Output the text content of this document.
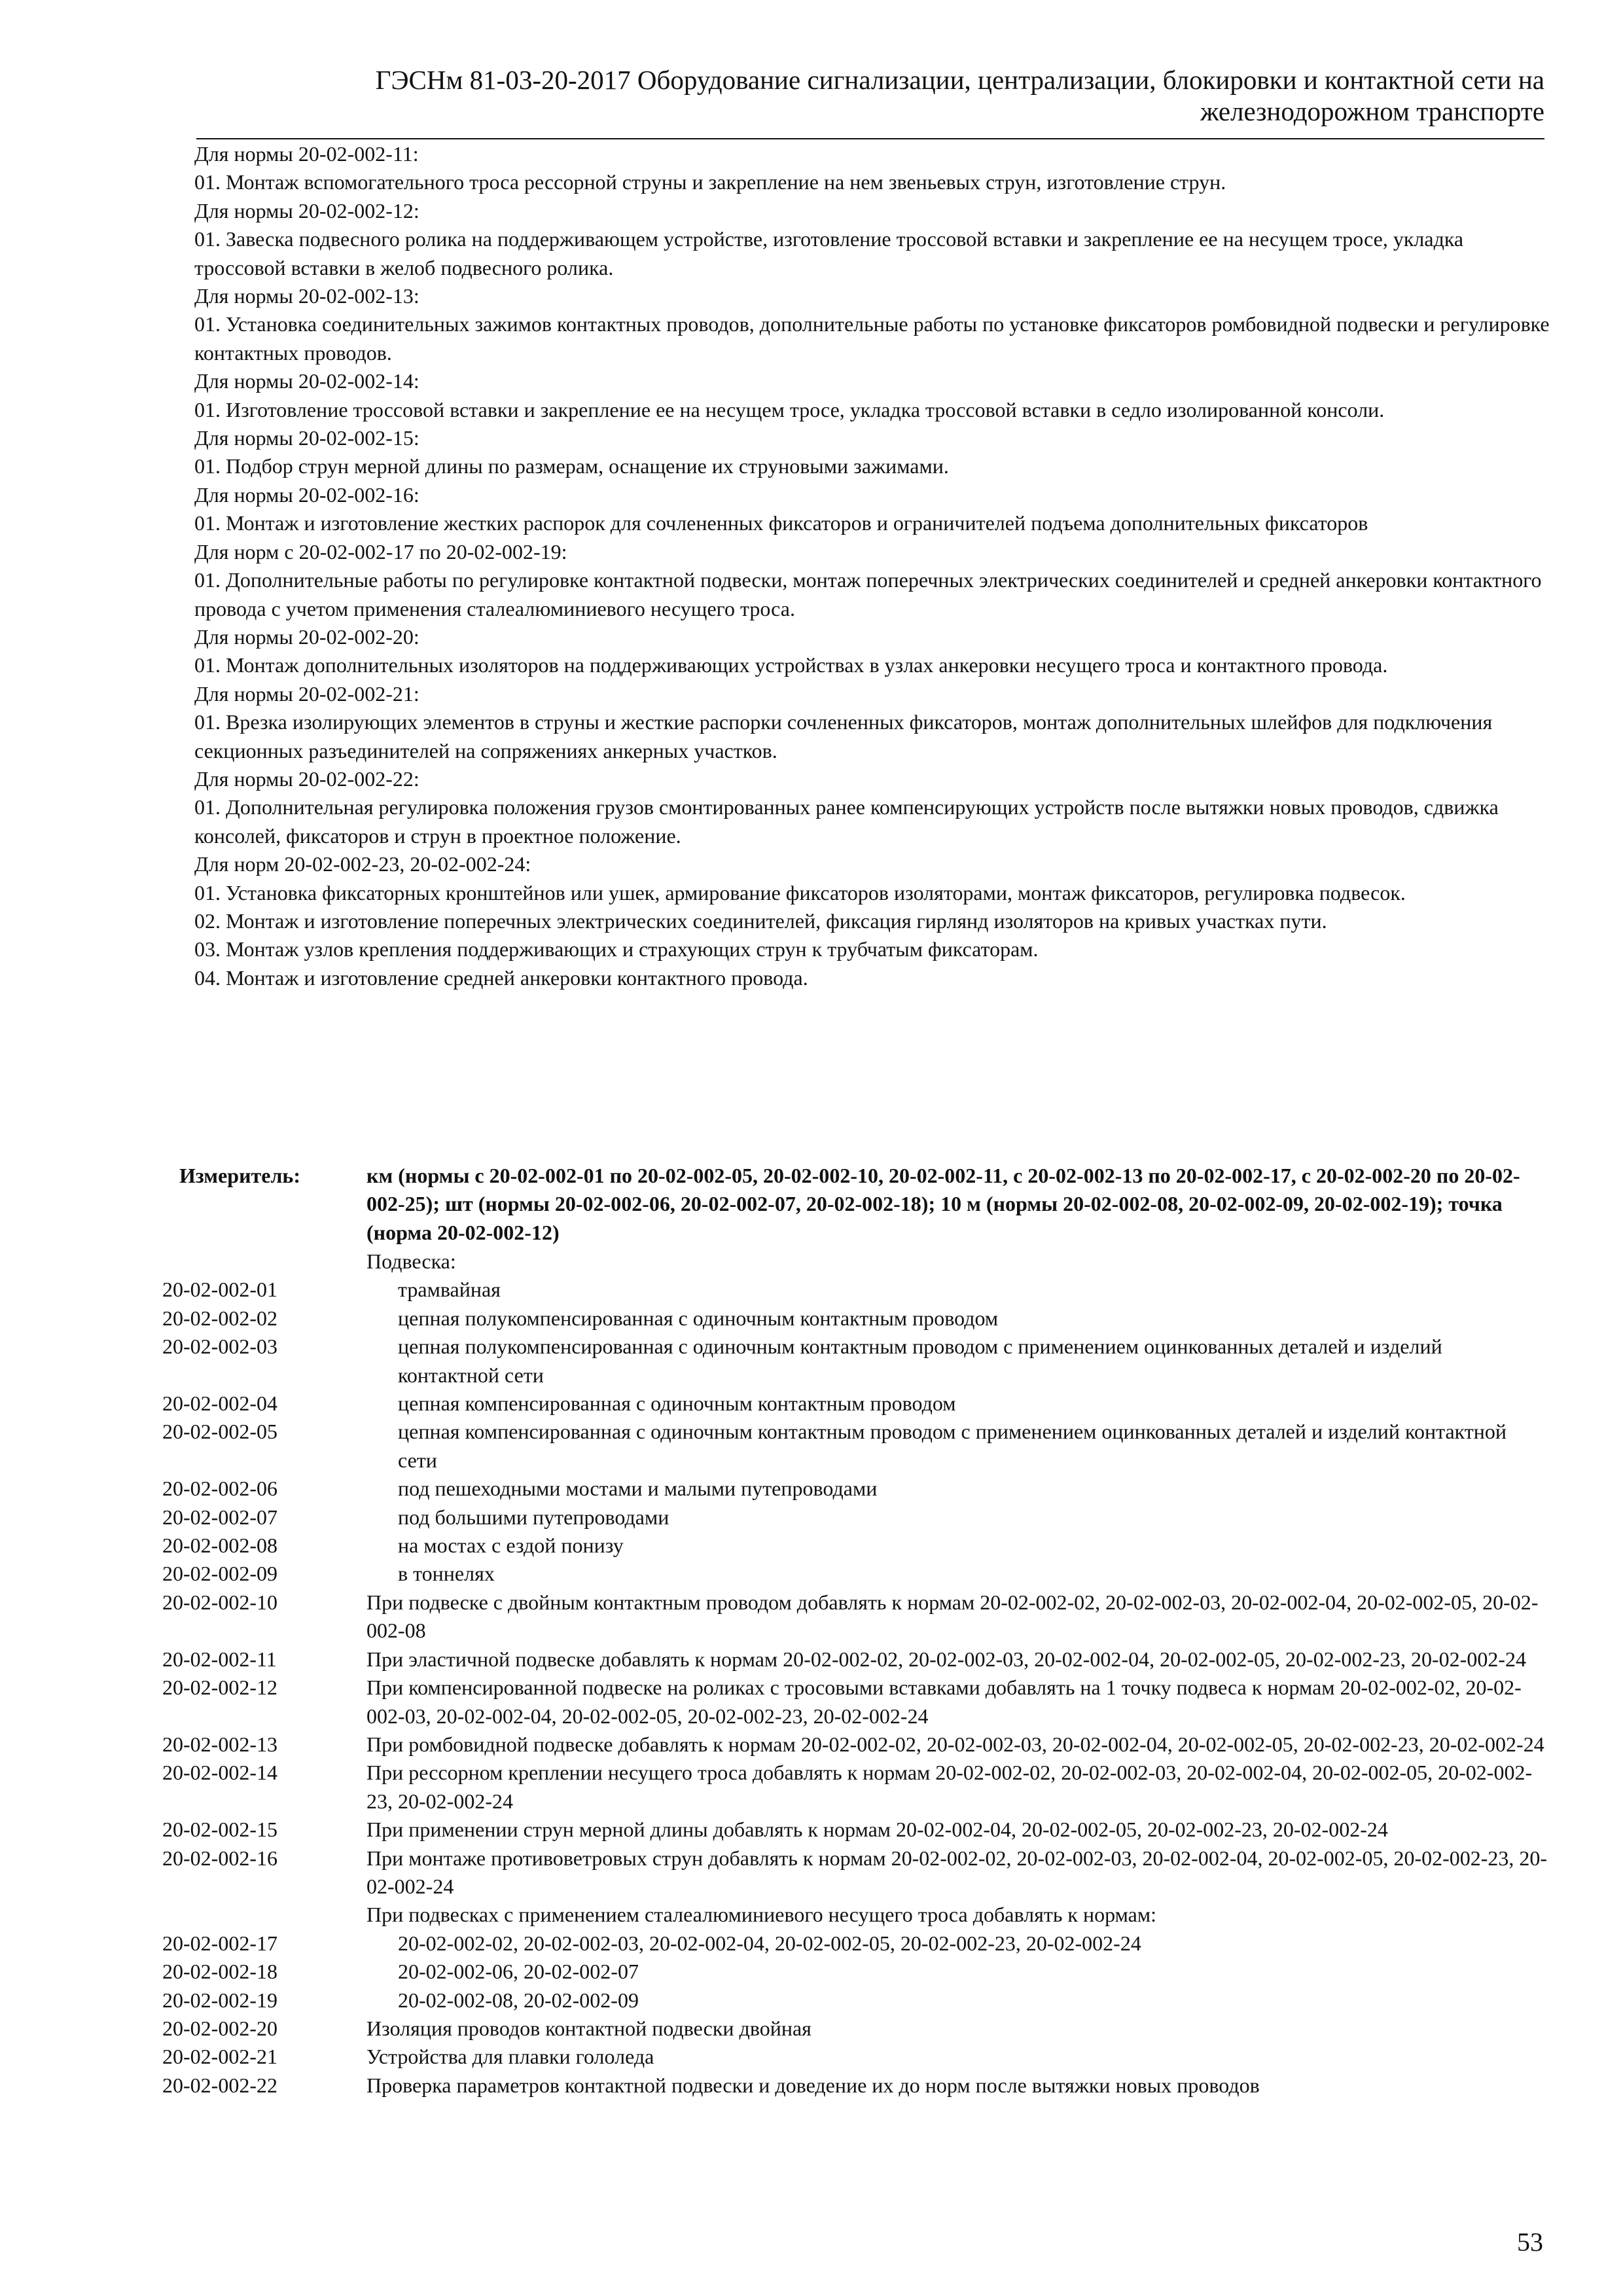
ГЭСНм 81-03-20-2017 Оборудование сигнализации, централизации, блокировки и контактной сети на
железнодорожном транспорте

Для нормы 20-02-002-11:

01. Монтаж вспомогательного троса рессорной струны и закрепление на нем звеньевых струн, изготовление струн.

Для нормы 20-02-002-12:

01. Завеска подвесного ролика на поддерживающем устройстве, изготовление троссовой вставки и закрепление ее на несущем тросе, укладка троссовой вставки в желоб подвесного ролика.

Для нормы 20-02-002-13:

01. Установка соединительных зажимов контактных проводов, дополнительные работы по установке фиксаторов ромбовидной подвески и регулировке контактных проводов.

Для нормы 20-02-002-14:

01. Изготовление троссовой вставки и закрепление ее на несущем тросе, укладка троссовой вставки в седло изолированной консоли.

Для нормы 20-02-002-15:

01. Подбор струн мерной длины по размерам, оснащение их струновыми зажимами.

Для нормы 20-02-002-16:

01. Монтаж и изготовление жестких распорок для сочлененных фиксаторов и ограничителей подъема дополнительных фиксаторов

Для норм с 20-02-002-17 по 20-02-002-19:

01. Дополнительные работы по регулировке контактной подвески, монтаж поперечных электрических соединителей и средней анкеровки контактного провода с учетом применения сталеалюминиевого несущего троса.

Для нормы 20-02-002-20:

01. Монтаж дополнительных изоляторов на поддерживающих устройствах в узлах анкеровки несущего троса и контактного провода.

Для нормы 20-02-002-21:

01. Врезка изолирующих элементов в струны и жесткие распорки сочлененных фиксаторов, монтаж дополнительных шлейфов для подключения секционных разъединителей на сопряжениях анкерных участков.

Для нормы 20-02-002-22:

01. Дополнительная регулировка положения грузов смонтированных ранее компенсирующих устройств после вытяжки новых проводов, сдвижка консолей, фиксаторов и струн в проектное положение.

Для норм 20-02-002-23, 20-02-002-24:

01. Установка фиксаторных кронштейнов или ушек, армирование фиксаторов изоляторами, монтаж фиксаторов, регулировка подвесок.

02. Монтаж и изготовление поперечных электрических соединителей, фиксация гирлянд изоляторов на кривых участках пути.

03. Монтаж узлов крепления поддерживающих и страхующих струн к трубчатым фиксаторам.

04. Монтаж и изготовление средней анкеровки контактного провода.

Измеритель:	км (нормы с 20-02-002-01 по 20-02-002-05, 20-02-002-10, 20-02-002-11, с 20-02-002-13 по 20-02-002-17, с 20-02-002-20 по 20-02-002-25); шт (нормы 20-02-002-06, 20-02-002-07, 20-02-002-18); 10 м (нормы 20-02-002-08, 20-02-002-09, 20-02-002-19); точка (норма 20-02-002-12)
Подвеска:
20-02-002-01	трамвайная
20-02-002-02	цепная полукомпенсированная с одиночным контактным проводом
20-02-002-03	цепная полукомпенсированная с одиночным контактным проводом с применением оцинкованных деталей и изделий контактной сети
20-02-002-04	цепная компенсированная с одиночным контактным проводом
20-02-002-05	цепная компенсированная с одиночным контактным проводом с применением оцинкованных деталей и изделий контактной сети
20-02-002-06	под пешеходными мостами и малыми путепроводами
20-02-002-07	под большими путепроводами
20-02-002-08	на мостах с ездой понизу
20-02-002-09	в тоннелях
20-02-002-10	При подвеске с двойным контактным проводом добавлять к нормам 20-02-002-02, 20-02-002-03, 20-02-002-04, 20-02-002-05, 20-02-002-08
20-02-002-11	При эластичной подвеске добавлять к нормам 20-02-002-02, 20-02-002-03, 20-02-002-04, 20-02-002-05, 20-02-002-23, 20-02-002-24
20-02-002-12	При компенсированной подвеске на роликах с тросовыми вставками добавлять на 1 точку подвеса к нормам 20-02-002-02, 20-02-002-03, 20-02-002-04, 20-02-002-05, 20-02-002-23, 20-02-002-24
20-02-002-13	При ромбовидной подвеске добавлять к нормам 20-02-002-02, 20-02-002-03, 20-02-002-04, 20-02-002-05, 20-02-002-23, 20-02-002-24
20-02-002-14	При рессорном креплении несущего троса добавлять к нормам 20-02-002-02, 20-02-002-03, 20-02-002-04, 20-02-002-05, 20-02-002-23, 20-02-002-24
20-02-002-15	При применении струн мерной длины добавлять к нормам 20-02-002-04, 20-02-002-05, 20-02-002-23, 20-02-002-24
20-02-002-16	При монтаже противоветровых струн добавлять к нормам 20-02-002-02, 20-02-002-03, 20-02-002-04, 20-02-002-05, 20-02-002-23, 20-02-002-24
При подвесках с применением сталеалюминиевого несущего троса добавлять к нормам:
20-02-002-17	20-02-002-02, 20-02-002-03, 20-02-002-04, 20-02-002-05, 20-02-002-23, 20-02-002-24
20-02-002-18	20-02-002-06, 20-02-002-07
20-02-002-19	20-02-002-08, 20-02-002-09
20-02-002-20	Изоляция проводов контактной подвески двойная
20-02-002-21	Устройства для плавки гололеда
20-02-002-22	Проверка параметров контактной подвески и доведение их до норм после вытяжки новых проводов
53
